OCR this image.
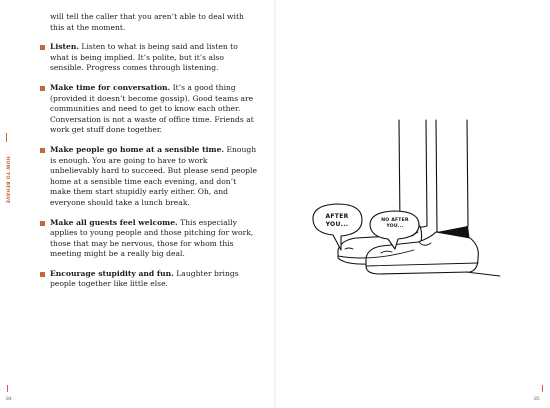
HOW TO BEHAVE

will tell the caller that you aren’t able to deal with this at the moment.

Listen. Listen to what is being said and listen to what is being implied. It’s polite, but it’s also sensible. Progress comes through listening.
Make time for conversation. It’s a good thing (provided it doesn’t become gossip). Good teams are communities and need to get to know each other. Conversation is not a waste of office time. Friends at work get stuff done together.
Make people go home at a sensible time. Enough is enough. You are going to have to work unbelievably hard to succeed. But please send people home at a sensible time each evening, and don’t make them start stupidly early either. Oh, and everyone should take a lunch break.
Make all guests feel welcome. This especially applies to young people and those pitching for work, those that may be nervous, those for whom this meeting might be a really big deal.
Encourage stupidity and fun. Laughter brings people together like little else.
84
AFTER
YOU...	NO AFTER
YOU...
85
